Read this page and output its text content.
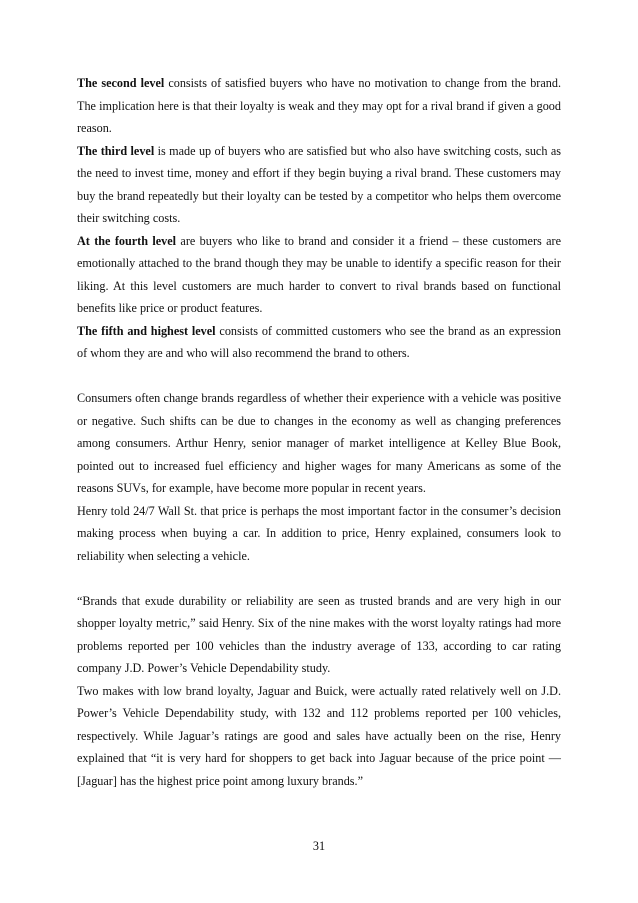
The second level consists of satisfied buyers who have no motivation to change from the brand. The implication here is that their loyalty is weak and they may opt for a rival brand if given a good reason.

The third level is made up of buyers who are satisfied but who also have switching costs, such as the need to invest time, money and effort if they begin buying a rival brand. These customers may buy the brand repeatedly but their loyalty can be tested by a competitor who helps them overcome their switching costs.

At the fourth level are buyers who like to brand and consider it a friend – these customers are emotionally attached to the brand though they may be unable to identify a specific reason for their liking. At this level customers are much harder to convert to rival brands based on functional benefits like price or product features.

The fifth and highest level consists of committed customers who see the brand as an expression of whom they are and who will also recommend the brand to others.

Consumers often change brands regardless of whether their experience with a vehicle was positive or negative. Such shifts can be due to changes in the economy as well as changing preferences among consumers. Arthur Henry, senior manager of market intelligence at Kelley Blue Book, pointed out to increased fuel efficiency and higher wages for many Americans as some of the reasons SUVs, for example, have become more popular in recent years.

Henry told 24/7 Wall St. that price is perhaps the most important factor in the consumer’s decision making process when buying a car. In addition to price, Henry explained, consumers look to reliability when selecting a vehicle.

“Brands that exude durability or reliability are seen as trusted brands and are very high in our shopper loyalty metric,” said Henry. Six of the nine makes with the worst loyalty ratings had more problems reported per 100 vehicles than the industry average of 133, according to car rating company J.D. Power’s Vehicle Dependability study.

Two makes with low brand loyalty, Jaguar and Buick, were actually rated relatively well on J.D. Power’s Vehicle Dependability study, with 132 and 112 problems reported per 100 vehicles, respectively. While Jaguar’s ratings are good and sales have actually been on the rise, Henry explained that “it is very hard for shoppers to get back into Jaguar because of the price point — [Jaguar] has the highest price point among luxury brands.”

31
